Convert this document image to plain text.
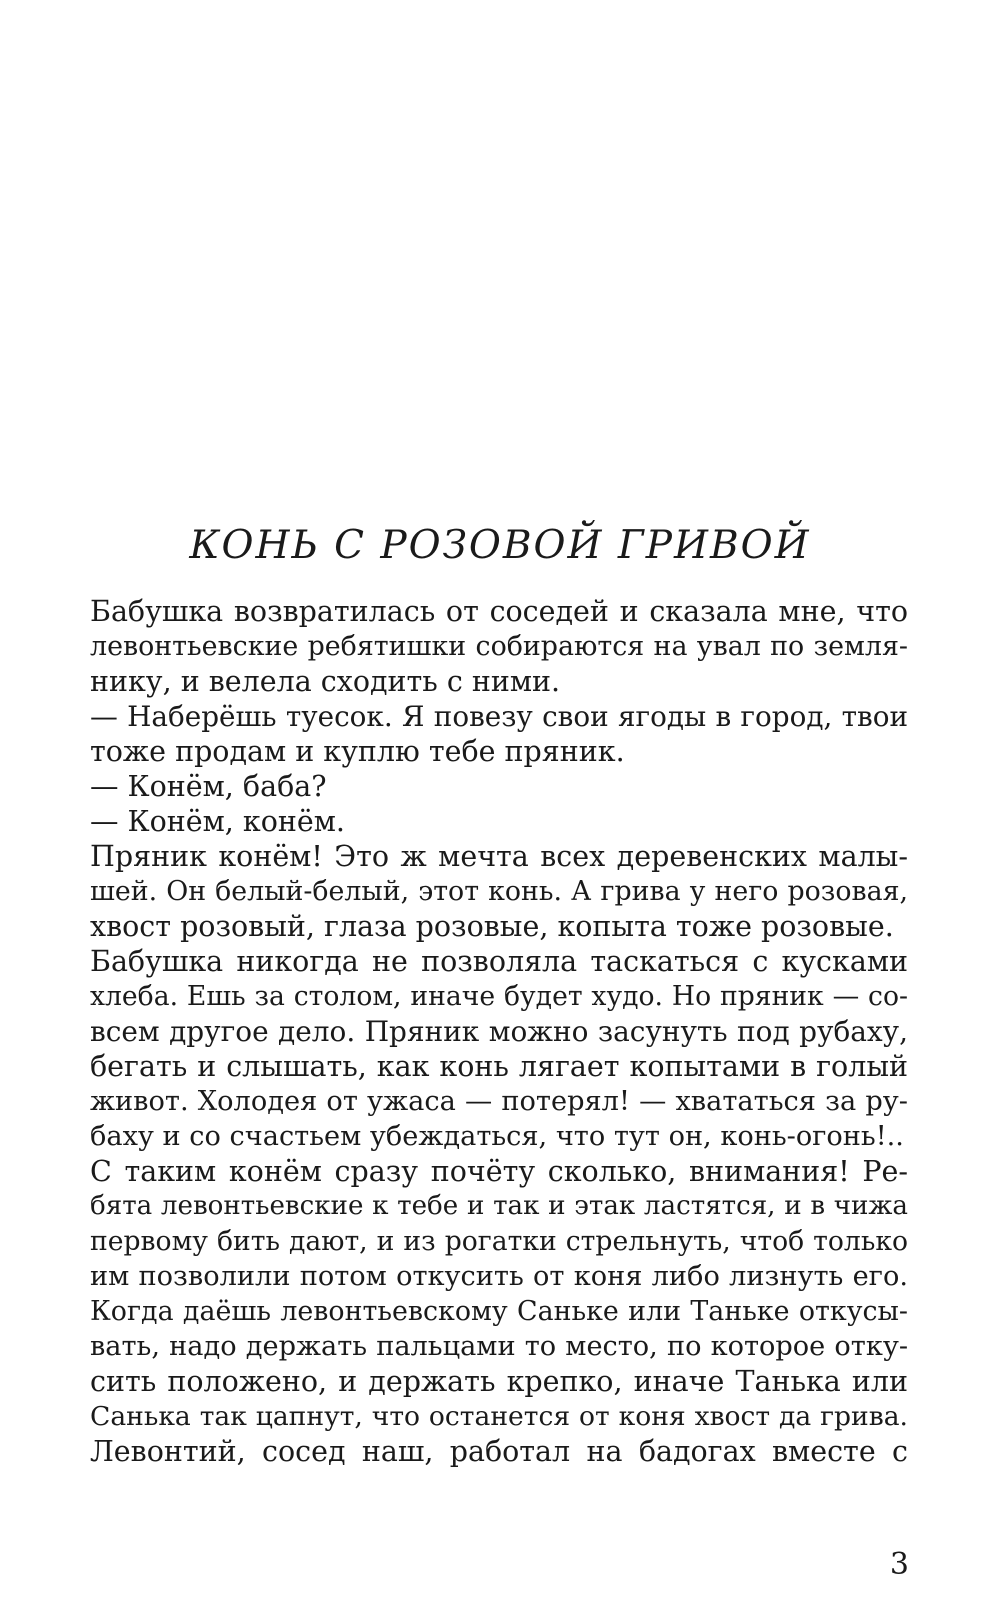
КОНЬ С РОЗОВОЙ ГРИВОЙ
Бабушка возвратилась от соседей и сказала мне, что
левонтьевские ребятишки собираются на увал по земля-
нику, и велела сходить с ними.
— Наберёшь туесок. Я повезу свои ягоды в город, твои
тоже продам и куплю тебе пряник.
— Конём, баба?
— Конём, конём.
Пряник конём! Это ж мечта всех деревенских малы-
шей. Он белый-белый, этот конь. А грива у него розовая,
хвост розовый, глаза розовые, копыта тоже розовые.
Бабушка никогда не позволяла таскаться с кусками
хлеба. Ешь за столом, иначе будет худо. Но пряник — со-
всем другое дело. Пряник можно засунуть под рубаху,
бегать и слышать, как конь лягает копытами в голый
живот. Холодея от ужаса — потерял! — хвататься за ру-
баху и со счастьем убеждаться, что тут он, конь-огонь!..
С таким конём сразу почёту сколько, внимания! Ре-
бята левонтьевские к тебе и так и этак ластятся, и в чижа
первому бить дают, и из рогатки стрельнуть, чтоб только
им позволили потом откусить от коня либо лизнуть его.
Когда даёшь левонтьевскому Саньке или Таньке откусы-
вать, надо держать пальцами то место, по которое отку-
сить положено, и держать крепко, иначе Танька или
Санька так цапнут, что останется от коня хвост да грива.
Левонтий, сосед наш, работал на бадогах вместе с
3
